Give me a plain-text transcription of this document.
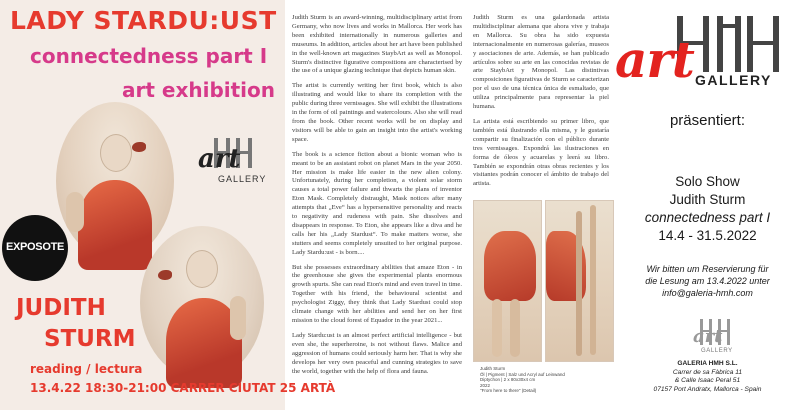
LADY STARDU:UST
connectedness part I
art exhibition
art
GALLERY
EXPOSOTE
JUDITH
STURM
reading / lectura
13.4.22 18:30-21:00 CARRER CIUTAT 25 ARTÀ

Judith Sturm is an award-winning, multidisciplinary artist from Germany, who now lives and works in Mallorca. Her work has been exhibited internationally in numerous galleries and museums. In addition, articles about her art have been published in the well-known art magazines StaybArt as well as Monopol. Sturm's distinctive figurative compositions are characterised by the use of a unique glazing technique that depicts human skin.

The artist is currently writing her first book, which is also illustrating and would like to share its completion with the public during three vernissages. She will exhibit the illustrations in the form of oil paintings and watercolours. Also she will read from the book. Other recent works will be on display and visitors will be able to gain an insight into the artist's working space.

The book is a science fiction about a bionic woman who is meant to be an assistant robot on planet Mars in the year 2050. Her mission is make life easier in the new alien colony. Unfortunately, during her completion, a violent solar storm causes a total power failure and thwarts the plans of inventor Eton Mask. Completely distraught, Mask notices after many attempts that „Eve“ has a hypersensitive personality and reacts to negativity and rudeness with pain. She dissolves and disappears in response. To Eton, she appears like a diva and he calls her his „Lady Stardust“. To make matters worse, she stutters and seems completely unsuited to her original purpose. Lady Stardu:ust - is born....

But she possesses extraordinary abilities that amaze Eton - in the greenhouse she gives the experimental plants enormous growth spurts. She can read Eton's mind and even travel in time. Together with his friend, the behavioural scientist and psychologist Ziggy, they think that Lady Stardust could stop climate change with her abilities and send her on her first mission to the cloud forest of Equador in the year 2021...

Lady Stardu:ust is an almost perfect artificial intelligence - but even she, the superheroine, is not without flaws. Malice and aggression of humans could seriously harm her. That is why she develops her very own peaceful and cunning strategies to save the world, together with the help of flora and fauna.

Judith Sturm es una galardonada artista multidisciplinar alemana que ahora vive y trabaja en Mallorca. Su obra ha sido expuesta internacionalmente en numerosas galerías, museos y asociaciones de arte. Además, se han publicado artículos sobre su arte en las conocidas revistas de arte StaybArt y Monopol. Las distintivas composiciones figurativas de Sturm se caracterizan por el uso de una técnica única de esmaltado, que utiliza principalmente para representar la piel humana.

La artista está escribiendo su primer libro, que también está ilustrando ella misma, y le gustaría compartir su finalización con el público durante tres vernissages. Expondrá las ilustraciones en forma de óleos y acuarelas y leerá su libro. También se expondrán otras obras recientes y los visitantes podrán conocer el ámbito de trabajo del artista.

Judith Sturm
Öl | Pigment | Salz und Acryl auf Leinwand
Diptychon | 2 x 80x30x4 cm
2022
"From here to there" (Detail)
art GALLERY
präsentiert:
Solo Show
Judith Sturm
connectedness part I
14.4 - 31.5.2022
Wir bitten um Reservierung für
die Lesung am 13.4.2022 unter
info@galeria-hmh.com
art
GALLERY
GALERIA HMH S.L.
Carrer de sa Fàbrica 11
& Calle Isaac Peral 51
07157 Port Andratx, Mallorca - Spain
